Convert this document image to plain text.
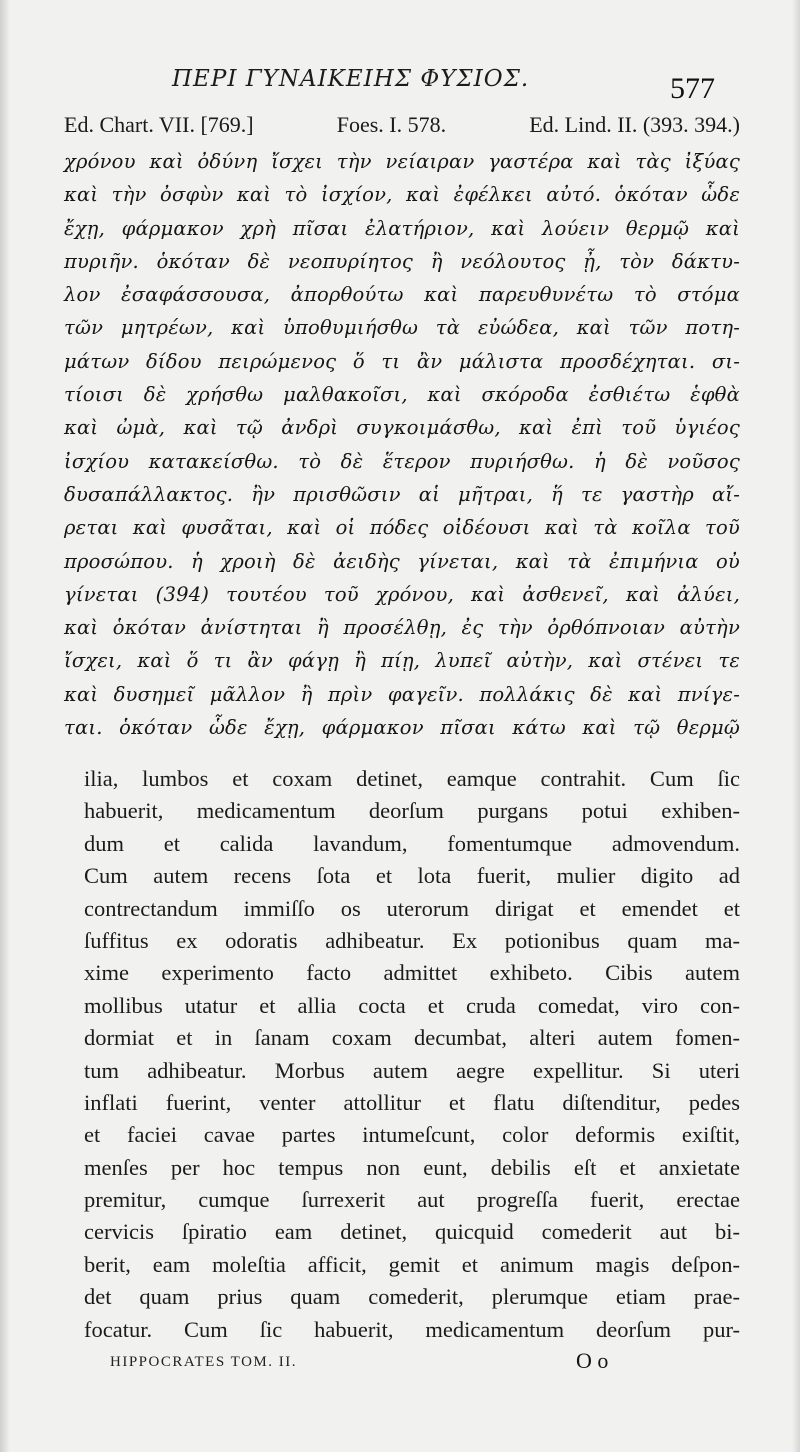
ΠΕΡΙ ΓΥΝΑΙΚΕΙΗΣ ΦΥΣΙΟΣ.	577
Ed. Chart. VII. [769.]	Foes. I. 578.	Ed. Lind. II. (393. 394.)
χρόνου καὶ ὀδύνη ἴσχει τὴν νείαιραν γαστέρα καὶ τὰς ἰξύας
καὶ τὴν ὀσφὺν καὶ τὸ ἰσχίον, καὶ ἐφέλκει αὐτό. ὁκόταν ὧδε
ἔχῃ, φάρμακον χρὴ πῖσαι ἐλατήριον, καὶ λούειν θερμῷ καὶ
πυριῆν. ὁκόταν δὲ νεοπυρίητος ἢ νεόλουτος ᾖ, τὸν δάκτυ-
λον ἐσαφάσσουσα, ἀπορθούτω καὶ παρευθυνέτω τὸ στόμα
τῶν μητρέων, καὶ ὑποθυμιήσθω τὰ εὐώδεα, καὶ τῶν ποτη-
μάτων δίδου πειρώμενος ὅ τι ἂν μάλιστα προσδέχηται. σι-
τίοισι δὲ χρήσθω μαλθακοῖσι, καὶ σκόροδα ἐσθιέτω ἑφθὰ
καὶ ὠμὰ, καὶ τῷ ἀνδρὶ συγκοιμάσθω, καὶ ἐπὶ τοῦ ὑγιέος
ἰσχίου κατακείσθω. τὸ δὲ ἕτερον πυριήσθω. ἡ δὲ νοῦσος
δυσαπάλλακτος. ἢν πρισθῶσιν αἱ μῆτραι, ἥ τε γαστὴρ αἴ-
ρεται καὶ φυσᾶται, καὶ οἱ πόδες οἰδέουσι καὶ τὰ κοῖλα τοῦ
προσώπου. ἡ χροιὴ δὲ ἀειδὴς γίνεται, καὶ τὰ ἐπιμήνια οὐ
γίνεται (394) τουτέου τοῦ χρόνου, καὶ ἀσθενεῖ, καὶ ἀλύει,
καὶ ὁκόταν ἀνίστηται ἢ προσέλθῃ, ἐς τὴν ὀρθόπνοιαν αὐτὴν
ἴσχει, καὶ ὅ τι ἂν φάγῃ ἢ πίῃ, λυπεῖ αὐτὴν, καὶ στένει τε
καὶ δυσημεῖ μᾶλλον ἢ πρὶν φαγεῖν. πολλάκις δὲ καὶ πνίγε-
ται. ὁκόταν ὧδε ἔχῃ, φάρμακον πῖσαι κάτω καὶ τῷ θερμῷ
ilia, lumbos et coxam detinet, eamque contrahit. Cum ſic
habuerit, medicamentum deorſum purgans potui exhiben-
dum et calida lavandum, fomentumque admovendum.
Cum autem recens ſota et lota fuerit, mulier digito ad
contrectandum immiſſo os uterorum dirigat et emendet et
ſuffitus ex odoratis adhibeatur. Ex potionibus quam ma-
xime experimento facto admittet exhibeto. Cibis autem
mollibus utatur et allia cocta et cruda comedat, viro con-
dormiat et in ſanam coxam decumbat, alteri autem fomen-
tum adhibeatur. Morbus autem aegre expellitur. Si uteri
inflati fuerint, venter attollitur et flatu diſtenditur, pedes
et faciei cavae partes intumeſcunt, color deformis exiſtit,
menſes per hoc tempus non eunt, debilis eſt et anxietate
premitur, cumque ſurrexerit aut progreſſa fuerit, erectae
cervicis ſpiratio eam detinet, quicquid comederit aut bi-
berit, eam moleſtia afficit, gemit et animum magis deſpon-
det quam prius quam comederit, plerumque etiam prae-
focatur. Cum ſic habuerit, medicamentum deorſum pur-
HIPPOCRATES TOM. II.	O o
